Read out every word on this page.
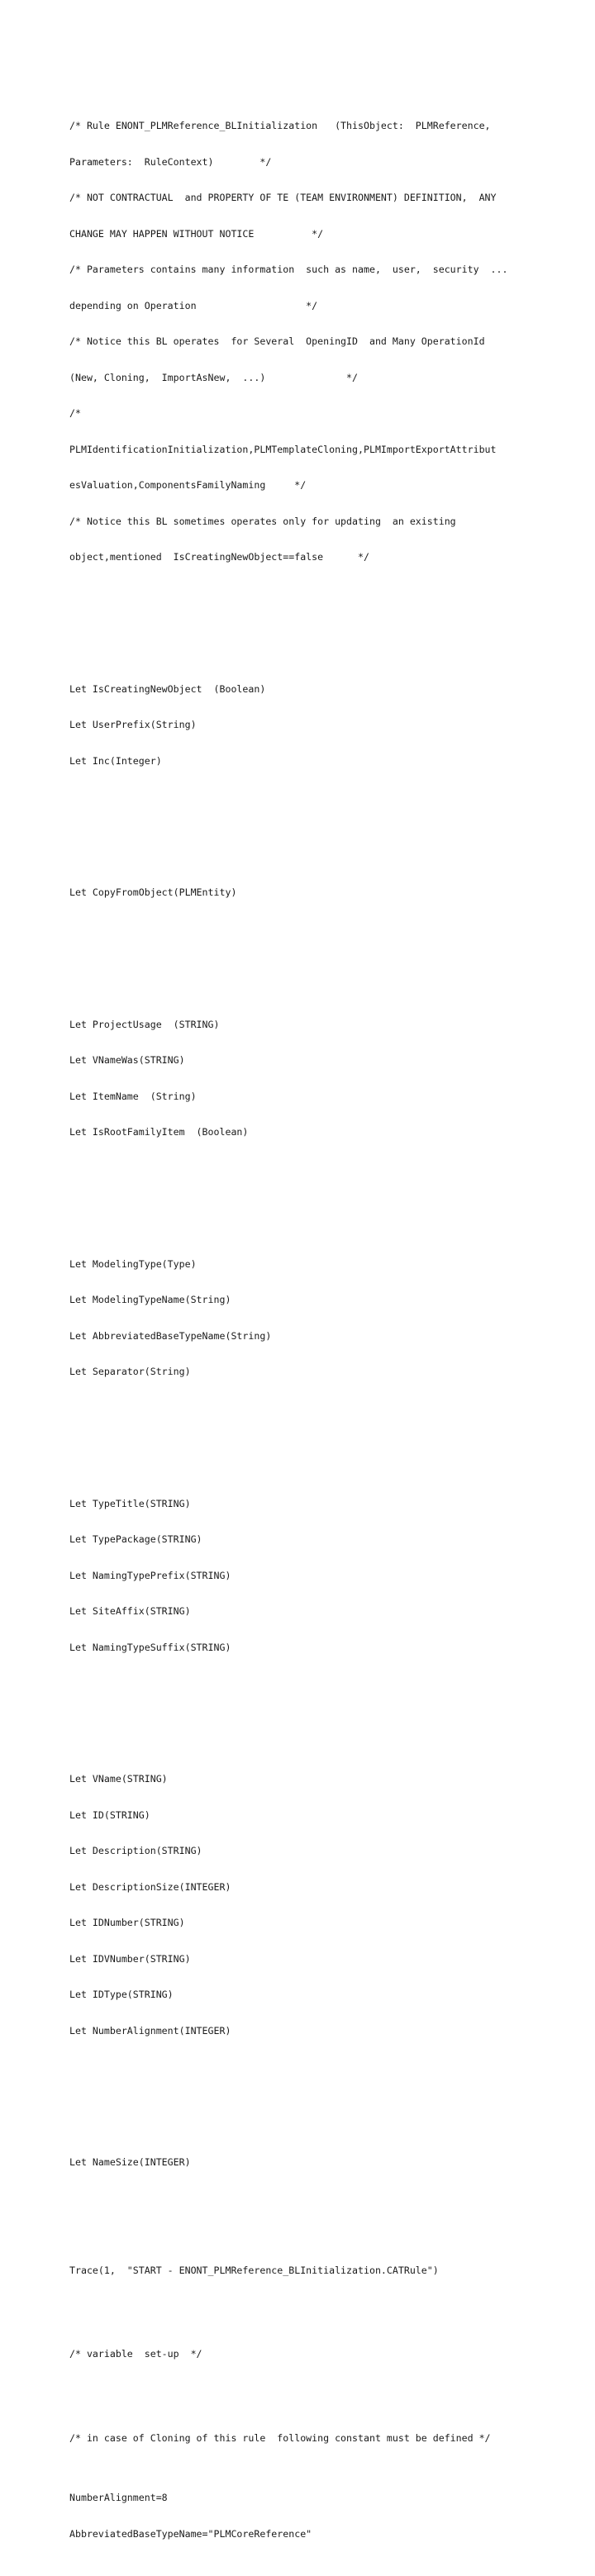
/* Rule ENONT_PLMReference_BLInitialization   (ThisObject:  PLMReference,

Parameters:  RuleContext)        */

/* NOT CONTRACTUAL  and PROPERTY OF TE (TEAM ENVIRONMENT) DEFINITION,  ANY

CHANGE MAY HAPPEN WITHOUT NOTICE          */

/* Parameters contains many information  such as name,  user,  security  ...

depending on Operation                   */

/* Notice this BL operates  for Several  OpeningID  and Many OperationId

(New, Cloning,  ImportAsNew,  ...)              */

/*

PLMIdentificationInitialization,PLMTemplateCloning,PLMImportExportAttribut

esValuation,ComponentsFamilyNaming     */

/* Notice this BL sometimes operates only for updating  an existing

object,mentioned  IsCreatingNewObject==false      */

Let IsCreatingNewObject  (Boolean)

Let UserPrefix(String)

Let Inc(Integer)

Let CopyFromObject(PLMEntity)

Let ProjectUsage  (STRING)

Let VNameWas(STRING)

Let ItemName  (String)

Let IsRootFamilyItem  (Boolean)

Let ModelingType(Type)

Let ModelingTypeName(String)

Let AbbreviatedBaseTypeName(String)

Let Separator(String)

Let TypeTitle(STRING)

Let TypePackage(STRING)

Let NamingTypePrefix(STRING)

Let SiteAffix(STRING)

Let NamingTypeSuffix(STRING)

Let VName(STRING)

Let ID(STRING)

Let Description(STRING)

Let DescriptionSize(INTEGER)

Let IDNumber(STRING)

Let IDVNumber(STRING)

Let IDType(STRING)

Let NumberAlignment(INTEGER)

Let NameSize(INTEGER)

Trace(1,  "START - ENONT_PLMReference_BLInitialization.CATRule")

/* variable  set-up  */

/* in case of Cloning of this rule  following constant must be defined */

NumberAlignment=8

AbbreviatedBaseTypeName="PLMCoreReference"
